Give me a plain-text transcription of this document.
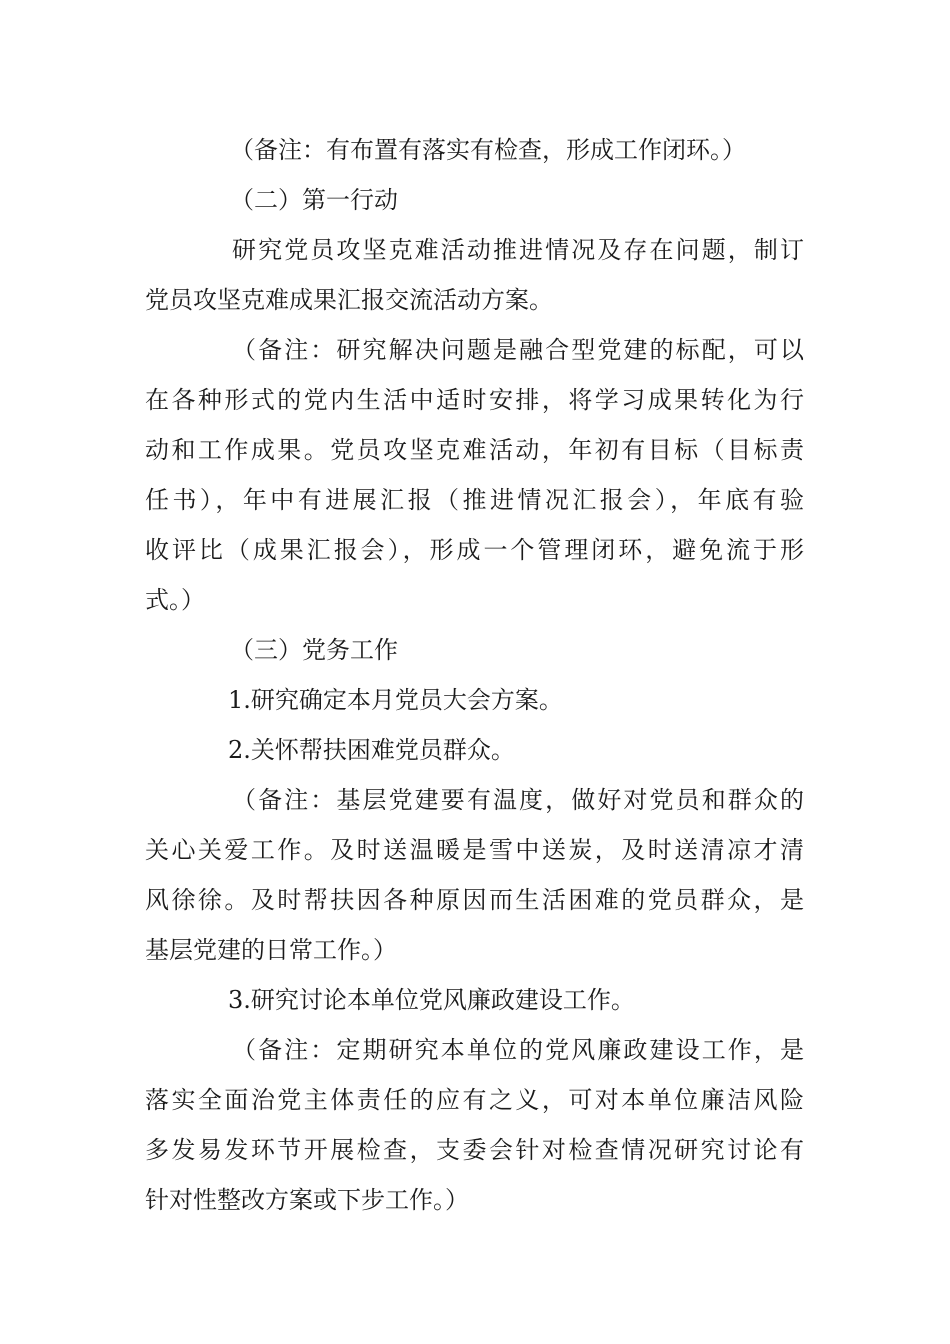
（备注：有布置有落实有检查，形成工作闭环。）

（二）第一行动

研究党员攻坚克难活动推进情况及存在问题，制订

党员攻坚克难成果汇报交流活动方案。

（备注：研究解决问题是融合型党建的标配，可以

在各种形式的党内生活中适时安排，将学习成果转化为行

动和工作成果。党员攻坚克难活动，年初有目标（目标责

任书），年中有进展汇报（推进情况汇报会），年底有验

收评比（成果汇报会），形成一个管理闭环，避免流于形

式。）

（三）党务工作

1.研究确定本月党员大会方案。

2.关怀帮扶困难党员群众。

（备注：基层党建要有温度，做好对党员和群众的

关心关爱工作。及时送温暖是雪中送炭，及时送清凉才清

风徐徐。及时帮扶因各种原因而生活困难的党员群众，是

基层党建的日常工作。）

3.研究讨论本单位党风廉政建设工作。

（备注：定期研究本单位的党风廉政建设工作，是

落实全面治党主体责任的应有之义，可对本单位廉洁风险

多发易发环节开展检查，支委会针对检查情况研究讨论有

针对性整改方案或下步工作。）
